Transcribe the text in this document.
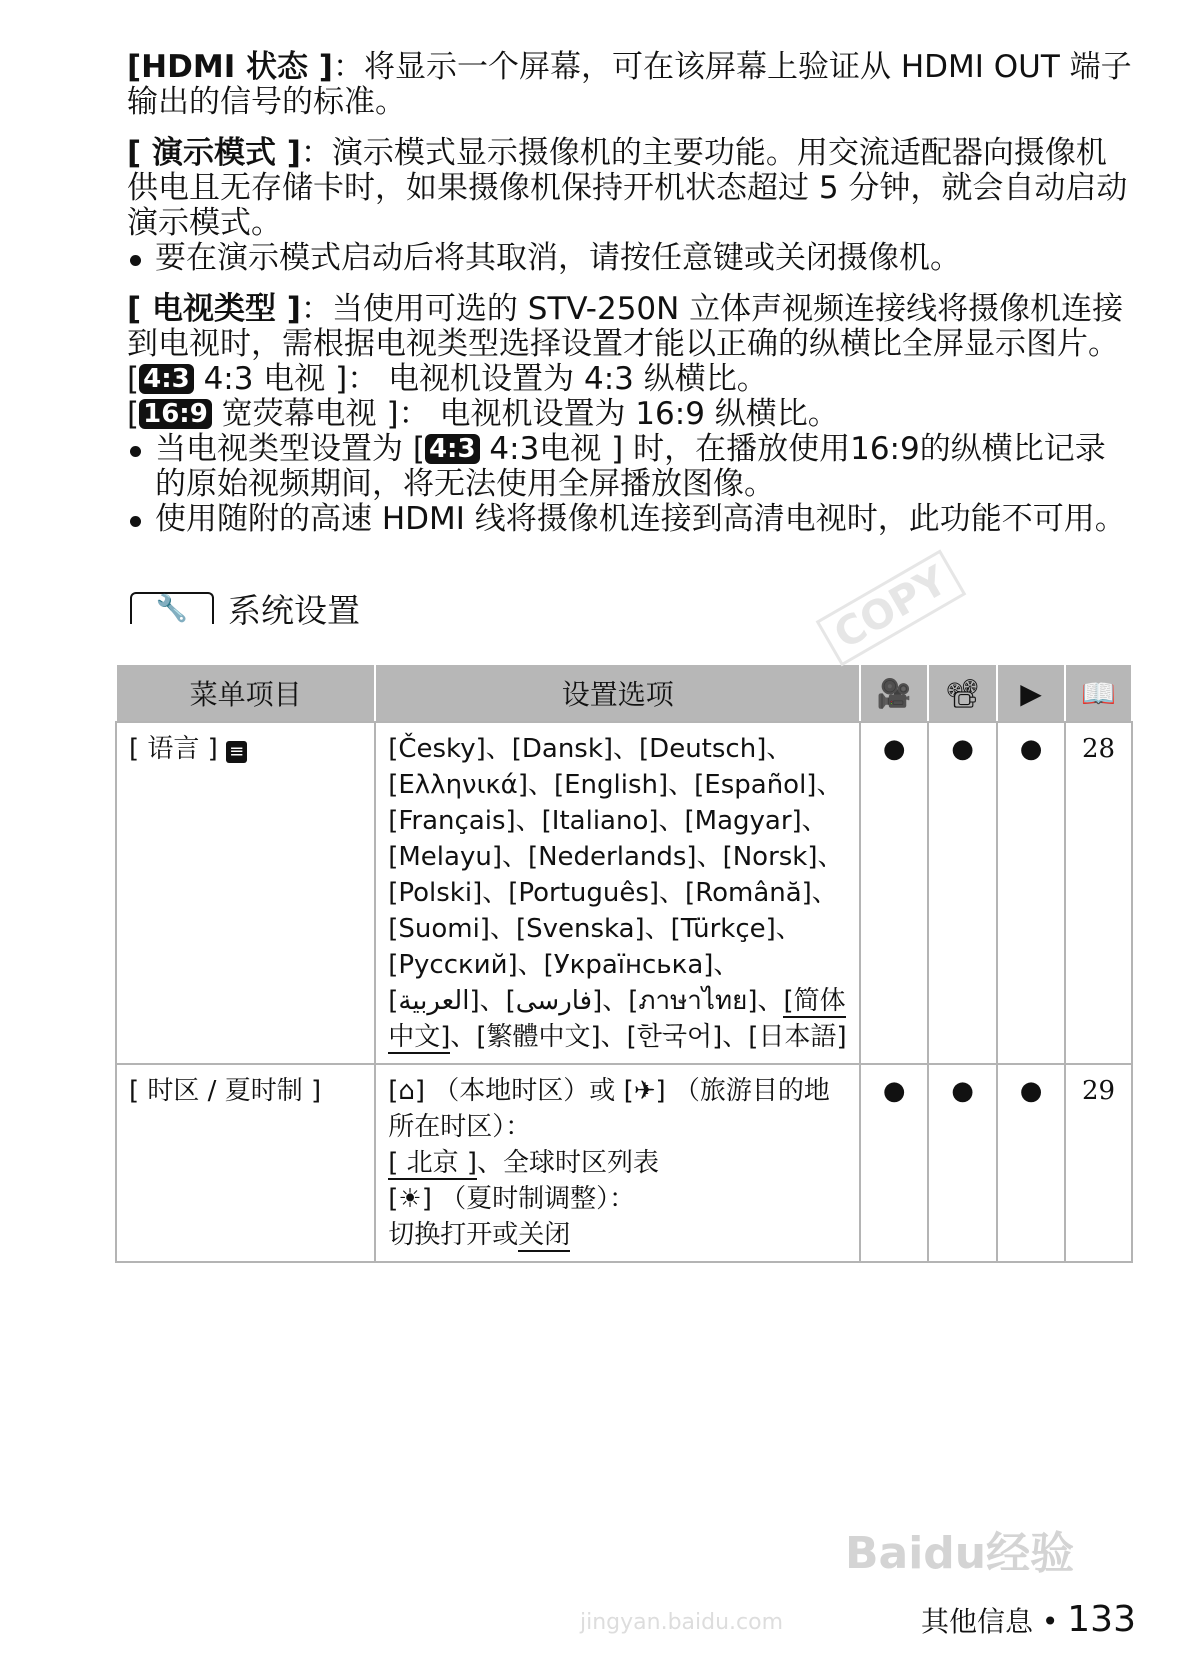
[HDMI 状态 ]：将显示一个屏幕，可在该屏幕上验证从 HDMI OUT 端子输出的信号的标准。

[ 演示模式 ]：演示模式显示摄像机的主要功能。用交流适配器向摄像机供电且无存储卡时，如果摄像机保持开机状态超过 5 分钟，就会自动启动演示模式。

要在演示模式启动后将其取消，请按任意键或关闭摄像机。

[ 电视类型 ]：当使用可选的 STV-250N 立体声视频连接线将摄像机连接到电视时，需根据电视类型选择设置才能以正确的纵横比全屏显示图片。

[ 4:3 4:3 电视 ]： 电视机设置为 4:3 纵横比。

[ 16:9 宽荧幕电视 ]： 电视机设置为 16:9 纵横比。

当电视类型设置为 [ 4:3 4:3电视 ] 时，在播放使用16:9的纵横比记录的原始视频期间，将无法使用全屏播放图像。

使用随附的高速 HDMI 线将摄像机连接到高清电视时，此功能不可用。

🔧	系统设置	COPY
菜单项目	设置选项	🎥	📽	▶	📖
[ 语言 ] ≡	[Česky]、[Dansk]、[Deutsch]、[Ελληνικά]、[English]、[Español]、[Français]、[Italiano]、[Magyar]、[Melayu]、[Nederlands]、[Norsk]、[Polski]、[Português]、[Română]、[Suomi]、[Svenska]、[Türkçe]、[Русский]、[Українська]、[العربية]、[فارسی]、[ภาษาไทย]、[简体中文]、[繁體中文]、[한국어]、[日本語]	●	●	●	28
[ 时区 / 夏时制 ]	[⌂] （本地时区）或 [✈] （旅游目的地所在时区）：
[ 北京 ]、全球时区列表
[☀] （夏时制调整）：
切换打开或关闭	●	●	●	29
Baidu经验
jingyan.baidu.com	其他信息 • 133
